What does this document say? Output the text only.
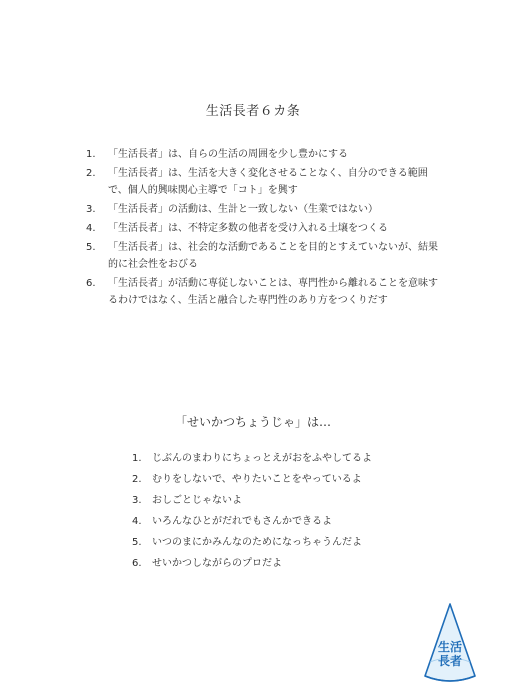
生活長者６カ条
1. 「生活長者」は、自らの生活の周囲を少し豊かにする
2. 「生活長者」は、生活を大きく変化させることなく、自分のできる範囲で、個人的興味関心主導で「コト」を興す
3. 「生活長者」の活動は、生計と一致しない（生業ではない）
4. 「生活長者」は、不特定多数の他者を受け入れる土壌をつくる
5. 「生活長者」は、社会的な活動であることを目的とすえていないが、結果的に社会性をおびる
6. 「生活長者」が活動に専従しないことは、専門性から離れることを意味するわけではなく、生活と融合した専門性のあり方をつくりだす
「せいかつちょうじゃ」は…
1. じぶんのまわりにちょっとえがおをふやしてるよ
2. むりをしないで、やりたいことをやっているよ
3. おしごとじゃないよ
4. いろんなひとがだれでもさんかできるよ
5. いつのまにかみんなのためになっちゃうんだよ
6. せいかつしながらのプロだよ
生活
長者
